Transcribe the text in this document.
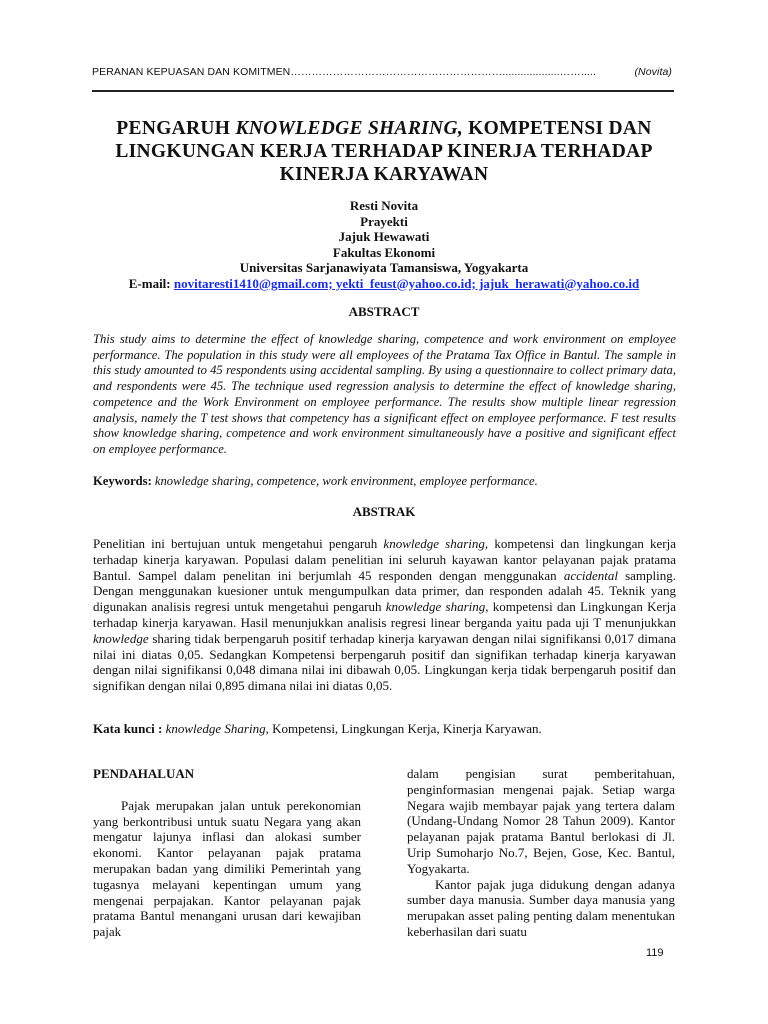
PERANAN KEPUASAN DAN KOMITMEN……………………………………………………...................…….....	(Novita)
PENGARUH KNOWLEDGE SHARING, KOMPETENSI DAN LINGKUNGAN KERJA TERHADAP KINERJA TERHADAP KINERJA KARYAWAN
Resti Novita
Prayekti
Jajuk Hewawati
Fakultas Ekonomi
Universitas Sarjanawiyata Tamansiswa, Yogyakarta
E-mail: novitaresti1410@gmail.com; yekti_feust@yahoo.co.id; jajuk_herawati@yahoo.co.id
ABSTRACT
This study aims to determine the effect of knowledge sharing, competence and work environment on employee performance. The population in this study were all employees of the Pratama Tax Office in Bantul. The sample in this study amounted to 45 respondents using accidental sampling. By using a questionnaire to collect primary data, and respondents were 45. The technique used regression analysis to determine the effect of knowledge sharing, competence and the Work Environment on employee performance. The results show multiple linear regression analysis, namely the T test shows that competency has a significant effect on employee performance. F test results show knowledge sharing, competence and work environment simultaneously have a positive and significant effect on employee performance.
Keywords: knowledge sharing, competence, work environment, employee performance.
ABSTRAK
Penelitian ini bertujuan untuk mengetahui pengaruh knowledge sharing, kompetensi dan lingkungan kerja terhadap kinerja karyawan. Populasi dalam penelitian ini seluruh kayawan kantor pelayanan pajak pratama Bantul. Sampel dalam penelitan ini berjumlah 45 responden dengan menggunakan accidental sampling. Dengan menggunakan kuesioner untuk mengumpulkan data primer, dan responden adalah 45. Teknik yang digunakan analisis regresi untuk mengetahui pengaruh knowledge sharing, kompetensi dan Lingkungan Kerja terhadap kinerja karyawan. Hasil menunjukkan analisis regresi linear berganda yaitu pada uji T menunjukkan knowledge sharing tidak berpengaruh positif terhadap kinerja karyawan dengan nilai signifikansi 0,017 dimana nilai ini diatas 0,05. Sedangkan Kompetensi berpengaruh positif dan signifikan terhadap kinerja karyawan dengan nilai signifikansi 0,048 dimana nilai ini dibawah 0,05. Lingkungan kerja tidak berpengaruh positif dan signifikan dengan nilai 0,895 dimana nilai ini diatas 0,05.
Kata kunci : knowledge Sharing, Kompetensi, Lingkungan Kerja, Kinerja Karyawan.
PENDAHALUAN

Pajak merupakan jalan untuk perekonomian yang berkontribusi untuk suatu Negara yang akan mengatur lajunya inflasi dan alokasi sumber ekonomi. Kantor pelayanan pajak pratama merupakan badan yang dimiliki Pemerintah yang tugasnya melayani kepentingan umum yang mengenai perpajakan. Kantor pelayanan pajak pratama Bantul menangani urusan dari kewajiban pajak

dalam pengisian surat pemberitahuan, penginformasian mengenai pajak. Setiap warga Negara wajib membayar pajak yang tertera dalam (Undang-Undang Nomor 28 Tahun 2009). Kantor pelayanan pajak pratama Bantul berlokasi di Jl. Urip Sumoharjo No.7, Bejen, Gose, Kec. Bantul, Yogyakarta.

Kantor pajak juga didukung dengan adanya sumber daya manusia. Sumber daya manusia yang merupakan asset paling penting dalam menentukan keberhasilan dari suatu

119
